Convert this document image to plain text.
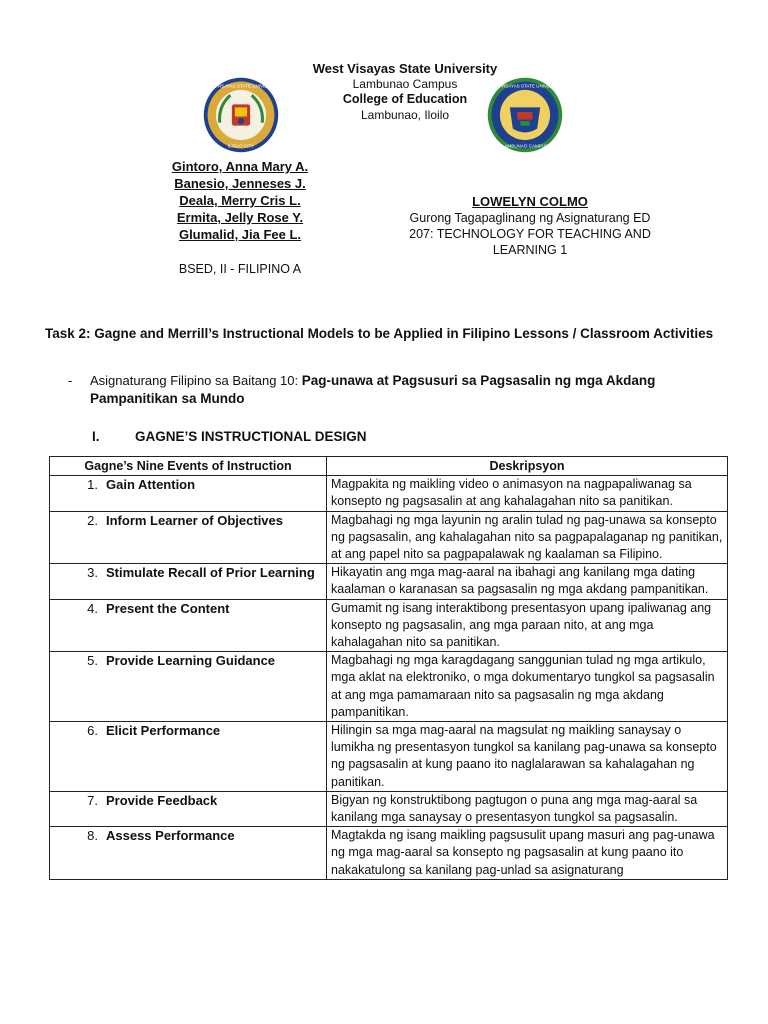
WEST VISAYAS STATE UNIVERSITY
ILOILO CITY
WEST VISAYAS STATE UNIVERSITY
LAMBUNAO CAMPUS
West Visayas State University
Lambunao Campus
College of Education
Lambunao, Iloilo
Gintoro, Anna Mary A.
Banesio, Jenneses J.
Deala, Merry Cris L.
Ermita, Jelly Rose Y.
Glumalid, Jia Fee L.
BSED, II - FILIPINO A
LOWELYN COLMO
Gurong Tagapaglinang ng Asignaturang ED
207: TECHNOLOGY FOR TEACHING AND
LEARNING 1
Task 2: Gagne and Merrill’s Instructional Models to be Applied in Filipino Lessons / Classroom Activities
- Asignaturang Filipino sa Baitang 10: Pag-unawa at Pagsusuri sa Pagsasalin ng mga Akdang Pampanitikan sa Mundo
I.	GAGNE’S INSTRUCTIONAL DESIGN
Gagne’s Nine Events of Instruction	Deskripsyon

1. Gain Attention	Magpakita ng maikling video o animasyon na nagpapaliwanag sa konsepto ng pagsasalin at ang kahalagahan nito sa panitikan.

2. Inform Learner of Objectives	Magbahagi ng mga layunin ng aralin tulad ng pag-unawa sa konsepto ng pagsasalin, ang kahalagahan nito sa pagpapalaganap ng panitikan, at ang papel nito sa pagpapalawak ng kaalaman sa Filipino.

3. Stimulate Recall of Prior Learning	Hikayatin ang mga mag-aaral na ibahagi ang kanilang mga dating kaalaman o karanasan sa pagsasalin ng mga akdang pampanitikan.

4. Present the Content	Gumamit ng isang interaktibong presentasyon upang ipaliwanag ang konsepto ng pagsasalin, ang mga paraan nito, at ang mga kahalagahan nito sa panitikan.

5. Provide Learning Guidance	Magbahagi ng mga karagdagang sanggunian tulad ng mga artikulo, mga aklat na elektroniko, o mga dokumentaryo tungkol sa pagsasalin at ang mga pamamaraan nito sa pagsasalin ng mga akdang pampanitikan.

6. Elicit Performance	Hilingin sa mga mag-aaral na magsulat ng maikling sanaysay o lumikha ng presentasyon tungkol sa kanilang pag-unawa sa konsepto ng pagsasalin at kung paano ito naglalarawan sa kahalagahan ng panitikan.

7. Provide Feedback	Bigyan ng konstruktibong pagtugon o puna ang mga mag-aaral sa kanilang mga sanaysay o presentasyon tungkol sa pagsasalin.

8. Assess Performance	Magtakda ng isang maikling pagsusulit upang masuri ang pag-unawa ng mga mag-aaral sa konsepto ng pagsasalin at kung paano ito nakakatulong sa kanilang pag-unlad sa asignaturang
